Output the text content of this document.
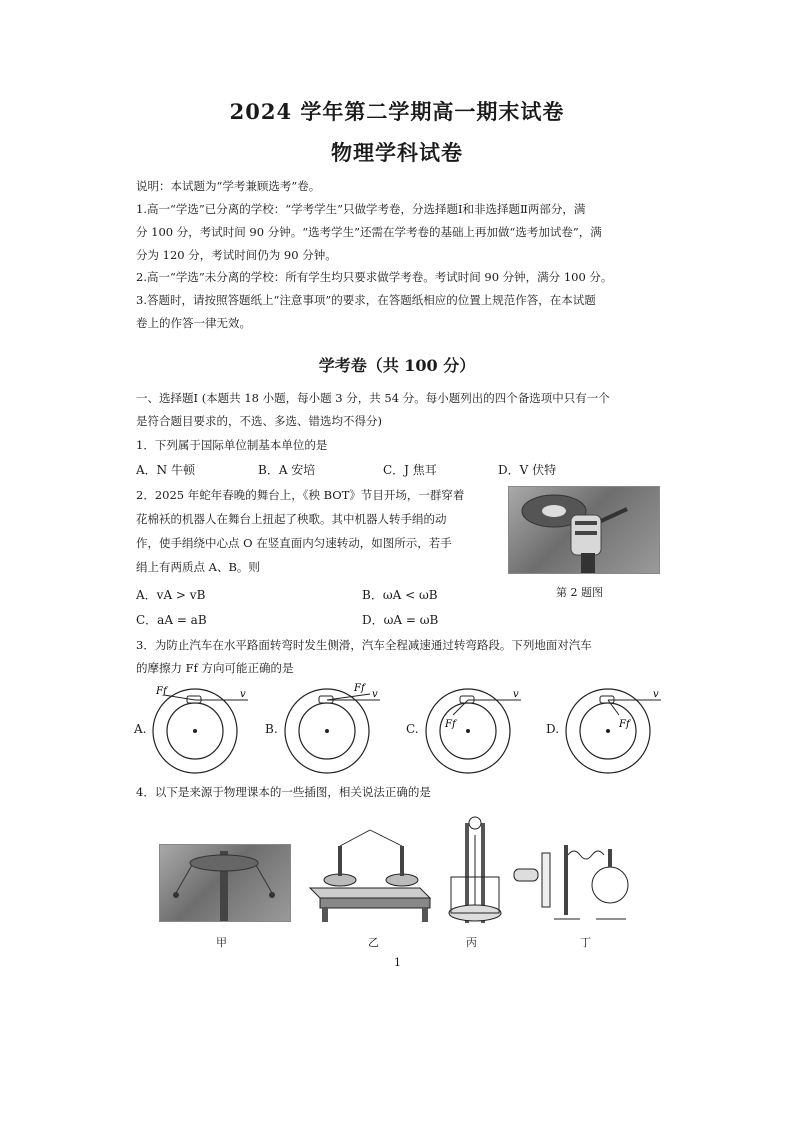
2024 学年第二学期高一期末试卷
物理学科试卷
说明：本试题为“学考兼顾选考”卷。
1.高一“学选”已分离的学校：“学考学生”只做学考卷，分选择题Ⅰ和非选择题Ⅱ两部分，满
分 100 分，考试时间 90 分钟。“选考学生”还需在学考卷的基础上再加做“选考加试卷”，满
分为 120 分，考试时间仍为 90 分钟。
2.高一“学选”未分离的学校：所有学生均只要求做学考卷。考试时间 90 分钟，满分 100 分。
3.答题时，请按照答题纸上“注意事项”的要求，在答题纸相应的位置上规范作答，在本试题
卷上的作答一律无效。
学考卷（共 100 分）
一、选择题Ⅰ (本题共 18 小题，每小题 3 分，共 54 分。每小题列出的四个备选项中只有一个
是符合题目要求的，不选、多选、错选均不得分)
1．下列属于国际单位制基本单位的是
A．N 牛顿	B．A 安培	C．J 焦耳	D．V 伏特
2．2025 年蛇年春晚的舞台上，《秧 BOT》节目开场，一群穿着
花棉袄的机器人在舞台上扭起了秧歌。其中机器人转手绢的动
作，使手绢绕中心点 O 在竖直面内匀速转动，如图所示，若手
绢上有两质点 A、B。则
A．vA > vB	B．ωA < ωB
C．aA = aB	D．ωA = ωB
第 2 题图
3．为防止汽车在水平路面转弯时发生侧滑，汽车全程减速通过转弯路段。下列地面对汽车
的摩擦力 Ff 方向可能正确的是
A.
Ff	v
B.
Ff
v
C.	Ff
v
D.	Ff
v
4．以下是来源于物理课本的一些插图，相关说法正确的是
甲	乙	丙	丁
1
